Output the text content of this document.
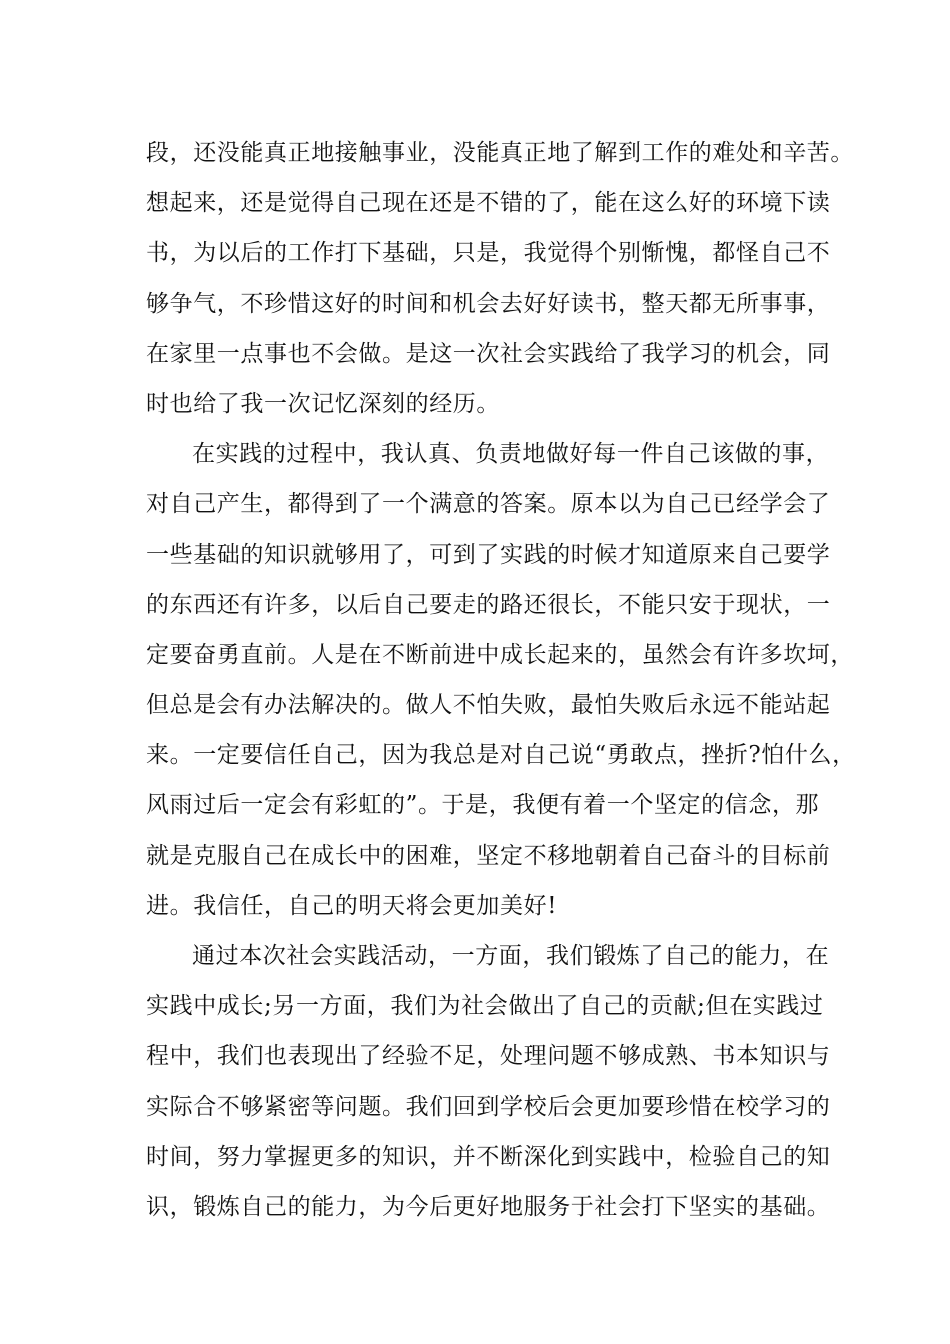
段，还没能真正地接触事业，没能真正地了解到工作的难处和辛苦。
想起来，还是觉得自己现在还是不错的了，能在这么好的环境下读
书，为以后的工作打下基础，只是，我觉得个别惭愧，都怪自己不
够争气，不珍惜这好的时间和机会去好好读书，整天都无所事事，
在家里一点事也不会做。是这一次社会实践给了我学习的机会，同
时也给了我一次记忆深刻的经历。
在实践的过程中，我认真、负责地做好每一件自己该做的事，
对自己产生，都得到了一个满意的答案。原本以为自己已经学会了
一些基础的知识就够用了，可到了实践的时候才知道原来自己要学
的东西还有许多，以后自己要走的路还很长，不能只安于现状，一
定要奋勇直前。人是在不断前进中成长起来的，虽然会有许多坎坷，
但总是会有办法解决的。做人不怕失败，最怕失败后永远不能站起
来。一定要信任自己，因为我总是对自己说“勇敢点，挫折?怕什么，
风雨过后一定会有彩虹的”。于是，我便有着一个坚定的信念，那
就是克服自己在成长中的困难，坚定不移地朝着自己奋斗的目标前
进。我信任，自己的明天将会更加美好!
通过本次社会实践活动，一方面，我们锻炼了自己的能力，在
实践中成长;另一方面，我们为社会做出了自己的贡献;但在实践过
程中，我们也表现出了经验不足，处理问题不够成熟、书本知识与
实际合不够紧密等问题。我们回到学校后会更加要珍惜在校学习的
时间，努力掌握更多的知识，并不断深化到实践中，检验自己的知
识，锻炼自己的能力，为今后更好地服务于社会打下坚实的基础。
